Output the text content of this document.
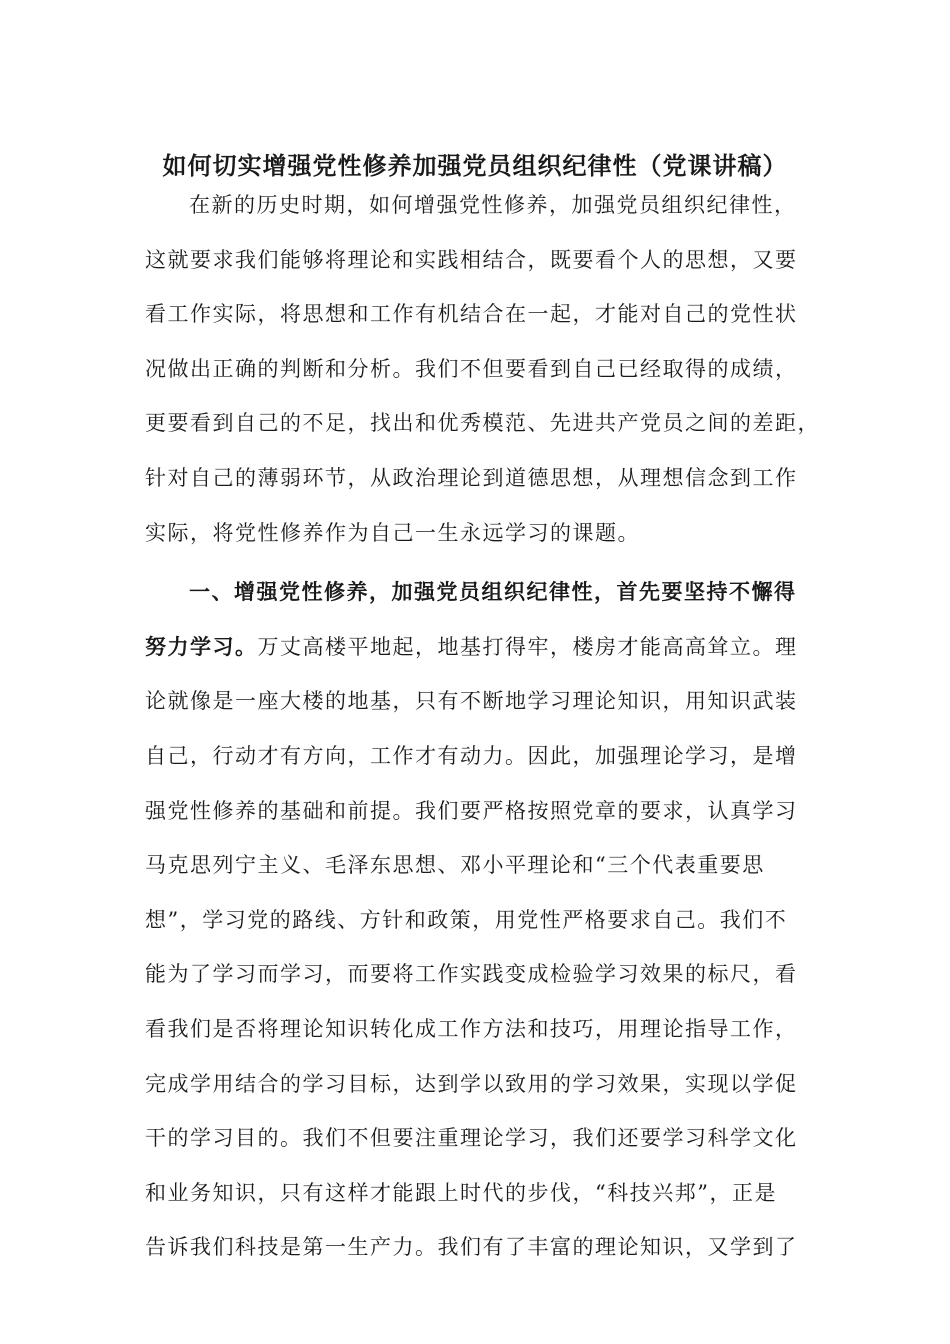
如何切实增强党性修养加强党员组织纪律性（党课讲稿）
在新的历史时期，如何增强党性修养，加强党员组织纪律性，
这就要求我们能够将理论和实践相结合，既要看个人的思想，又要
看工作实际，将思想和工作有机结合在一起，才能对自己的党性状
况做出正确的判断和分析。我们不但要看到自己已经取得的成绩，
更要看到自己的不足，找出和优秀模范、先进共产党员之间的差距，
针对自己的薄弱环节，从政治理论到道德思想，从理想信念到工作
实际，将党性修养作为自己一生永远学习的课题。
一、增强党性修养，加强党员组织纪律性，首先要坚持不懈得
努力学习。万丈高楼平地起，地基打得牢，楼房才能高高耸立。理
论就像是一座大楼的地基，只有不断地学习理论知识，用知识武装
自己，行动才有方向，工作才有动力。因此，加强理论学习，是增
强党性修养的基础和前提。我们要严格按照党章的要求，认真学习
马克思列宁主义、毛泽东思想、邓小平理论和“三个代表重要思
想”，学习党的路线、方针和政策，用党性严格要求自己。我们不
能为了学习而学习，而要将工作实践变成检验学习效果的标尺，看
看我们是否将理论知识转化成工作方法和技巧，用理论指导工作，
完成学用结合的学习目标，达到学以致用的学习效果，实现以学促
干的学习目的。我们不但要注重理论学习，我们还要学习科学文化
和业务知识，只有这样才能跟上时代的步伐，“科技兴邦”，正是
告诉我们科技是第一生产力。我们有了丰富的理论知识，又学到了
